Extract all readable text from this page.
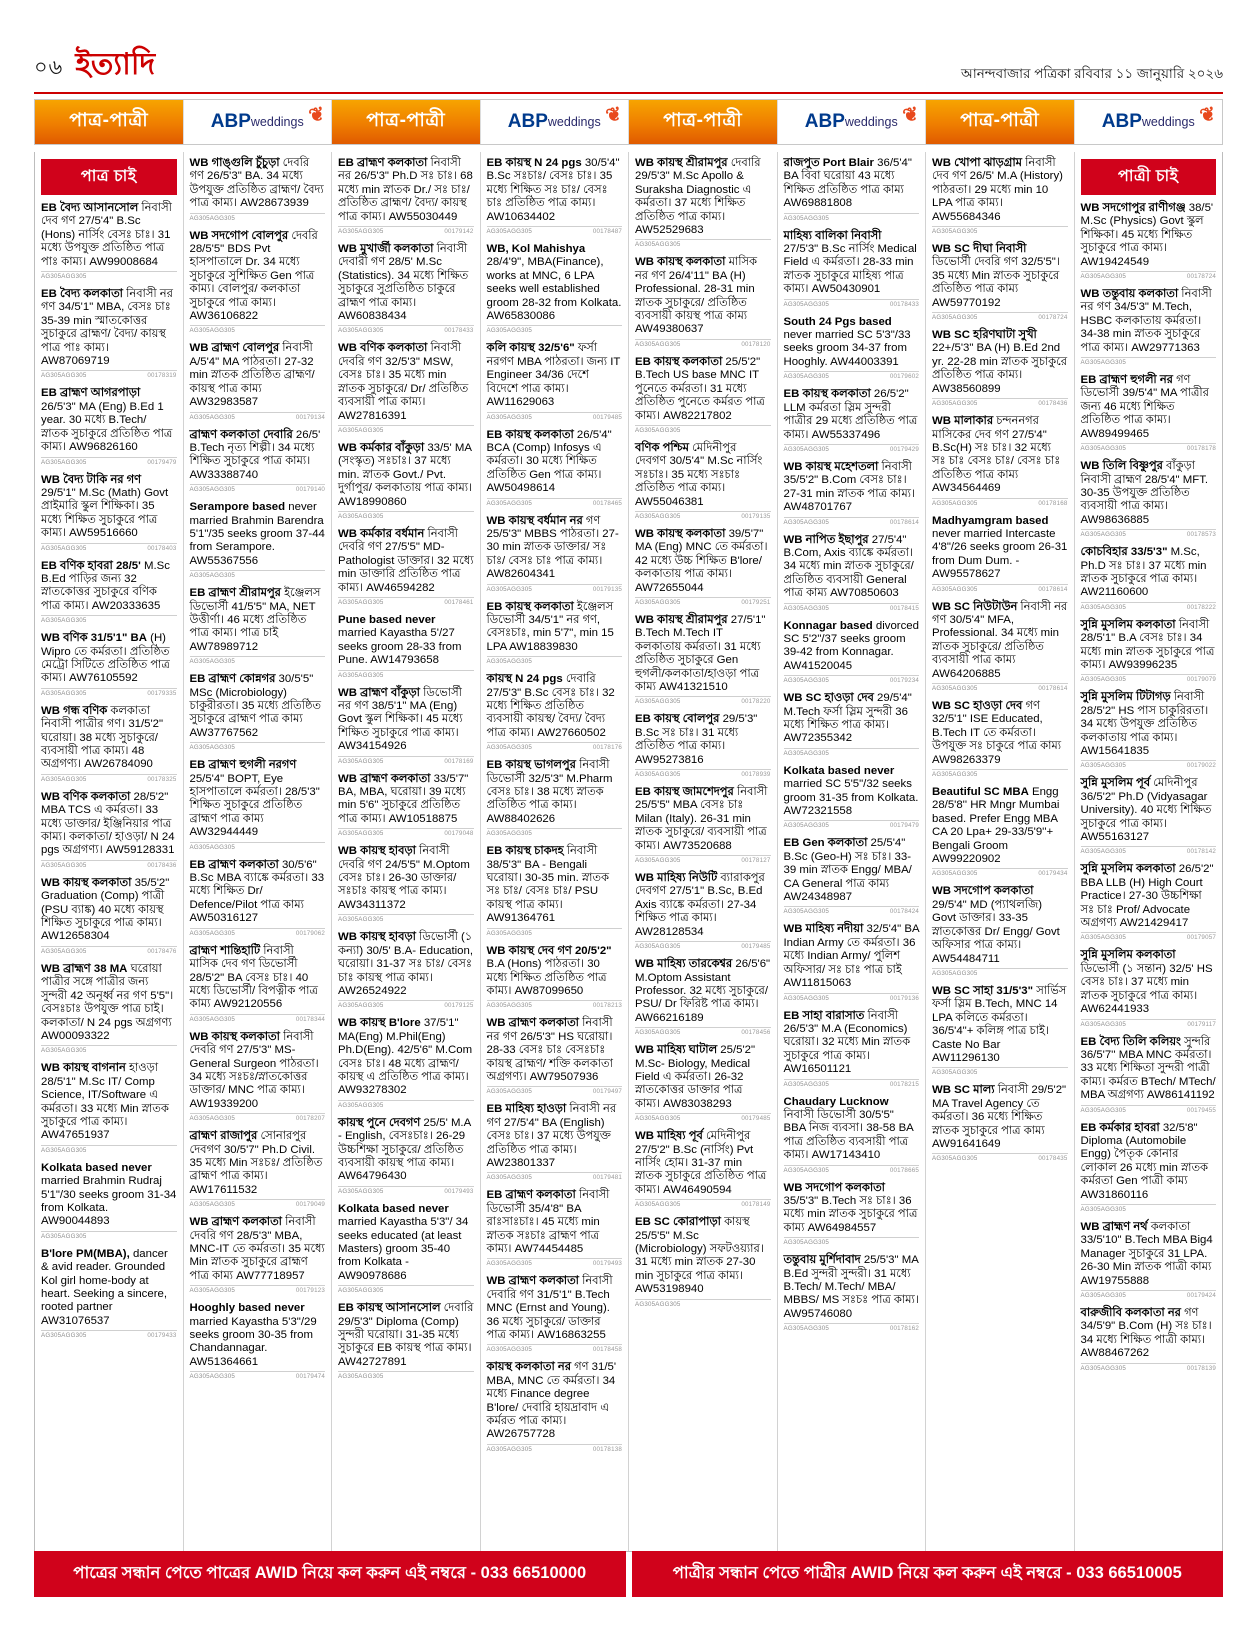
০৬ ইত্যাদি	আনন্দবাজার পত্রিকা রবিবার ১১ জানুয়ারি ২০২৬
পাত্র-পাত্রী	ABP weddings ❦ পাত্র-পাত্রী	ABP weddings ❦ পাত্র-পাত্রী	ABP weddings ❦ পাত্র-পাত্রী	ABP weddings ❦
পাত্র চাই
EB বৈদ্য আসানসোল নিবাসী দেব গণ 27/5'4" B.Sc (Hons) নার্সিং বেসঃ চাঃ। 31 মধ্যে উপযুক্ত প্রতিষ্ঠিত পাত্র পাঃ কাম্য। AW99008684
AG305AGG305
EB বৈদ্য কলকাতা নিবাসী নর গণ 34/5'1" MBA, বেসঃ চাঃ 35-39 min স্মাতকোত্তর সুচাকুরে ব্রাহ্মণ/ বৈদ্য/ কায়স্থ পাত্র পাঃ কাম্য। AW87069719
AG305AGG305	00178319
EB ব্রাহ্মণ আগরপাড়া 26/5'3" MA (Eng) B.Ed 1 year. 30 মধ্যে B.Tech/ স্নাতক সুচাকুরে প্রতিষ্ঠিত পাত্র কাম্য। AW96826160
AG305AGG305	00179479
WB বৈদ্য টাকি নর গণ 29/5'1" M.Sc (Math) Govt প্রাইমারি স্কুল শিক্ষিকা। 35 মধ্যে শিক্ষিত সুচাকুরে পাত্র কাম্য। AW59516660
AG305AGG305	00178403
EB বণিক হাবরা 28/5' M.Sc B.Ed পাড়ির জন্য 32 স্নাতকোত্তর সুচাকুরে বণিক পাত্র কাম্য। AW20333635
AG305AGG305
WB বণিক 31/5'1" BA (H) Wipro তে কর্মরতা। প্রতিষ্ঠিত মেট্রো সিটিতে প্রতিষ্ঠিত পাত্র কাম্য। AW76105592
AG305AGG305	00179335
WB গন্ধ বণিক কলকাতা নিবাসী পাত্রীর গণ। 31/5'2" ঘরোয়া। 38 মধ্যে সুচাকুরে/ ব্যবসায়ী পাত্র কাম্য। 48 অগ্রগণ্য। AW26784090
AG305AGG305	00178325
WB বণিক কলকাতা 28/5'2" MBA TCS এ কর্মরতা। 33 মধ্যে ডাক্তার/ ইঞ্জিনিয়ার পাত্র কাম্য। কলকাতা/ হাওড়া/ N 24 pgs অগ্রগণ্য। AW59128331
AG305AGG305	00178436
WB কায়স্থ কলকাতা 35/5'2" Graduation (Comp) পাত্রী (PSU ব্যাঙ্ক) 40 মধ্যে কায়স্থ শিক্ষিত সুচাকুরে পাত্র কাম্য। AW12658304
AG305AGG305	00178476
WB ব্রাহ্মণ 38 MA ঘরোয়া পাত্রীর সঙ্গে পাত্রীর জন্য সুন্দরী 42 অনূর্ধ্ব নর গণ 5'5"। বেসঃচাঃ উপযুক্ত পাত্র চাই। কলকাতা/ N 24 pgs অগ্রগণ্য AW00093322
AG305AGG305
WB কায়স্থ বাগনান হাওড়া 28/5'1" M.Sc IT/ Comp Science, IT/Software এ কর্মরতা। 33 মধ্যে Min স্নাতক সুচাকুরে পাত্র কাম্য। AW47651937
AG305AGG305
Kolkata based never married Brahmin Rudraj 5'1"/30 seeks groom 31-34 from Kolkata. AW90044893
AG305AGG305
B'lore PM(MBA), dancer & avid reader. Grounded Kol girl home-body at heart. Seeking a sincere, rooted partner AW31076537
AG305AGG305	00179433
WB গাঙ্গুলি চুঁচুড়া দেবরি গণ 26/5'3" BA. 34 মধ্যে উপযুক্ত প্রতিষ্ঠিত ব্রাহ্মণ/ বৈদ্য পাত্র কাম্য। AW28673939
AG305AGG305
WB সদগোপ বোলপুর দেবরি 28/5'5" BDS Pvt হাসপাতালে Dr. 34 মধ্যে সুচাকুরে সুশিক্ষিত Gen পাত্র কাম্য। বোলপুর/ কলকাতা সুচাকুরে পাত্র কাম্য। AW36106822
AG305AGG305
WB ব্রাহ্মণ বোলপুর নিবাসী A/5'4" MA পাঠরতা। 27-32 min স্নাতক প্রতিষ্ঠিত ব্রাহ্মণ/ কায়স্থ পাত্র কাম্য AW32983587
AG305AGG305	00179134
ব্রাহ্মণ কলকাতা দেবারি 26/5' B.Tech নৃত্য শিল্পী। 34 মধ্যে শিক্ষিত সুচাকুরে পাত্র কাম্য। AW33388740
AG305AGG305	00179140
Serampore based never married Brahmin Barendra 5'1"/35 seeks groom 37-44 from Serampore. AW55367556
AG305AGG305
EB ব্রাহ্মণ শ্রীরামপুর ইঞ্জেলস ডিভোর্সী 41/5'5" MA, NET উত্তীর্ণা। 46 মধ্যে প্রতিষ্ঠিত পাত্র কাম্য। পাত্র চাই AW78989712
AG305AGG305
EB ব্রাহ্মণ কোন্নগর 30/5'5" MSc (Microbiology) চাকুরীরতা। 35 মধ্যে প্রতিষ্ঠিত সুচাকুরে ব্রাহ্মণ পাত্র কাম্য AW37767562
AG305AGG305
EB ব্রাহ্মণ হুগলী নরগণ 25/5'4" BOPT, Eye হাসপাতালে কর্মরতা। 28/5'3" শিক্ষিত সুচাকুরে প্রতিষ্ঠিত ব্রাহ্মণ পাত্র কাম্য AW32944449
AG305AGG305
EB ব্রাহ্মণ কলকাতা 30/5'6" B.Sc MBA ব্যাঙ্কে কর্মরতা। 33 মধ্যে শিক্ষিত Dr/ Defence/Pilot পাত্র কাম্য AW50316127
AG305AGG305	00179062
ব্রাহ্মণ শান্তিহাটি নিবাসী মাসিক দেব গণ ডিভোর্সী 28/5'2" BA বেসঃ চাঃ। 40 মধ্যে ডিভোর্সী/ বিপত্নীক পাত্র কাম্য AW92120556
AG305AGG305	00178344
WB কায়স্থ কলকাতা নিবাসী দেবরি গণ 27/5'3" MS- General Surgeon পাঠরতা। 34 মধ্যে সঃচঃ/স্নাতকোত্তর ডাক্তার/ MNC পাত্র কাম্য। AW19339200
AG305AGG305	00178207
ব্রাহ্মণ রাজাপুর সোনারপুর দেবগণ 30/5'7" Ph.D Civil. 35 মধ্যে Min সঃচঃ/ প্রতিষ্ঠিত ব্রাহ্মণ পাত্র কাম্য। AW17611532
AG305AGG305	00179049
WB ব্রাহ্মণ কলকাতা নিবাসী দেবরি গণ 28/5'3" MBA, MNC-IT তে কর্মরতা। 35 মধ্যে Min স্নাতক সুচাকুরে ব্রাহ্মণ পাত্র কাম্য AW77718957
AG305AGG305	00179123
Hooghly based never married Kayastha 5'3"/29 seeks groom 30-35 from Chandannagar. AW51364661
AG305AGG305	00179474
EB ব্রাহ্মণ কলকাতা নিবাসী নর 26/5'3" Ph.D সঃ চাঃ। 68 মধ্যে min স্নাতক Dr./ সঃ চাঃ/ প্রতিষ্ঠিত ব্রাহ্মণ/ বৈদ্য/ কায়স্থ পাত্র কাম্য। AW55030449
AG305AGG305	00179142
WB মুখার্জী কলকাতা নিবাসী দেবারী গণ 28/5' M.Sc (Statistics). 34 মধ্যে শিক্ষিত সুচাকুরে সুপ্রতিষ্ঠিত চাকুরে ব্রাহ্মণ পাত্র কাম্য। AW60838434
AG305AGG305	00178433
WB বণিক কলকাতা নিবাসী দেবরি গণ 32/5'3" MSW, বেসঃ চাঃ। 35 মধ্যে min স্নাতক সুচাকুরে/ Dr/ প্রতিষ্ঠিত ব্যবসায়ী পাত্র কাম্য। AW27816391
AG305AGG305
WB কর্মকার বাঁকুড়া 33/5' MA (সংস্কৃত) সঃচাঃ। 37 মধ্যে min. স্নাতক Govt./ Pvt. দুর্গাপুর/ কলকাতায় পাত্র কাম্য। AW18990860
AG305AGG305
WB কর্মকার বর্ধমান নিবাসী দেবরি গণ 27/5'5" MD- Pathologist ডাক্তার। 32 মধ্যে min ডাক্তারি প্রতিষ্ঠিত পাত্র কাম্য। AW46594282
AG305AGG305	00178461
Pune based never married Kayastha 5'/27 seeks groom 28-33 from Pune. AW14793658
AG305AGG305
WB ব্রাহ্মণ বাঁকুড়া ডিভোর্সী নর গণ 38/5'1" MA (Eng) Govt স্কুল শিক্ষিকা। 45 মধ্যে শিক্ষিত সুচাকুরে পাত্র কাম্য। AW34154926
AG305AGG305	00178169
WB ব্রাহ্মণ কলকাতা 33/5'7" BA, MBA, ঘরোয়া। 39 মধ্যে min 5'6" সুচাকুরে প্রতিষ্ঠিত পাত্র কাম্য। AW10518875
AG305AGG305	00179048
WB কায়স্থ হাবড়া নিবাসী দেবরি গণ 24/5'5" M.Optom বেসঃ চাঃ। 26-30 ডাক্তার/ সঃচাঃ কায়স্থ পাত্র কাম্য। AW34311372
AG305AGG305
WB কায়স্থ হাবড়া ডিভোর্সী (১ কন্যা) 30/5' B.A- Education, ঘরোয়া। 31-37 সঃ চাঃ/ বেসঃ চাঃ কায়স্থ পাত্র কাম্য। AW26524922
AG305AGG305	00179125
WB কায়স্থ B'lore 37/5'1" MA(Eng) M.Phil(Eng) Ph.D(Eng). 42/5'6" M.Com বেসঃ চাঃ। 48 মধ্যে ব্রাহ্মণ/ কায়স্থ এ প্রতিষ্ঠিত পাত্র কাম্য। AW93278302
AG305AGG305
কায়স্থ পুনে দেবগণ 25/5' M.A - English, বেসঃচাঃ। 26-29 উচ্চশিক্ষা সুচাকুরে/ প্রতিষ্ঠিত ব্যবসায়ী কায়স্থ পাত্র কাম্য। AW64796430
AG305AGG305	00179493
Kolkata based never married Kayastha 5'3"/ 34 seeks educated (at least Masters) groom 35-40 from Kolkata - AW90978686
AG305AGG305
EB কায়স্থ আসানসোল দেবারি 29/5'3" Diploma (Comp) সুন্দরী ঘরোয়া। 31-35 মধ্যে সুচাকুরে EB কায়স্থ পাত্র কাম্য। AW42727891
AG305AGG305
EB কায়স্থ N 24 pgs 30/5'4" B.Sc সঃচাঃ/ বেসঃ চাঃ। 35 মধ্যে শিক্ষিত সঃ চাঃ/ বেসঃ চাঃ প্রতিষ্ঠিত পাত্র কাম্য। AW10634402
AG305AGG305	00178487
WB, Kol Mahishya 28/4'9", MBA(Finance), works at MNC, 6 LPA seeks well established groom 28-32 from Kolkata. AW65830086
AG305AGG305
কলি কায়স্থ 32/5'6" ফর্সা নরগণ MBA পাঠরতা। জন্য IT Engineer 34/36 দেশে বিদেশে পাত্র কাম্য। AW11629063
AG305AGG305	00179485
EB কায়স্থ কলকাতা 26/5'4" BCA (Comp) Infosys এ কর্মরতা। 30 মধ্যে শিক্ষিত প্রতিষ্ঠিত Gen পাত্র কাম্য। AW50498614
AG305AGG305	00178465
WB কায়স্থ বর্ধমান নর গণ 25/5'3" MBBS পাঠরতা। 27-30 min স্নাতক ডাক্তার/ সঃ চাঃ/ বেসঃ চাঃ পাত্র কাম্য। AW82604341
AG305AGG305	00179135
EB কায়স্থ কলকাতা ইঞ্জেলস ডিভোর্সী 34/5'1" নর গণ, বেসঃচাঃ, min 5'7", min 15 LPA AW18839830
AG305AGG305
কায়স্থ N 24 pgs দেবারি 27/5'3" B.Sc বেসঃ চাঃ। 32 মধ্যে শিক্ষিত প্রতিষ্ঠিত ব্যবসায়ী কায়স্থ/ বৈদ্য/ বৈদ্য পাত্র কাম্য। AW27660502
AG305AGG305	00178176
EB কায়স্থ ভাগলপুর নিবাসী ডিভোর্সী 32/5'3" M.Pharm বেসঃ চাঃ। 38 মধ্যে স্নাতক প্রতিষ্ঠিত পাত্র কাম্য। AW88402626
AG305AGG305
EB কায়স্থ চাকদহ নিবাসী 38/5'3" BA - Bengali ঘরোয়া। 30-35 min. স্নাতক সঃ চাঃ/ বেসঃ চাঃ/ PSU কায়স্থ পাত্র কাম্য। AW91364761
AG305AGG305
WB কায়স্থ দেব গণ 20/5'2" B.A (Hons) পাঠরতা। 30 মধ্যে শিক্ষিত প্রতিষ্ঠিত পাত্র কাম্য। AW87099650
AG305AGG305	00178213
WB ব্রাহ্মণ কলকাতা নিবাসী নর গণ 26/5'3" HS ঘরোয়া। 28-33 বেসঃ চাঃ বেসঃচাঃ কায়স্থ ব্রাহ্মণ/ শক্তি কলকাতা অগ্রগণ্য। AW79507936
AG305AGG305	00179497
EB মাহিষ্য হাওড়া নিবাসী নর গণ 27/5'4" BA (English) বেসঃ চাঃ। 37 মধ্যে উপযুক্ত প্রতিষ্ঠিত পাত্র কাম্য। AW23801337
AG305AGG305	00179481
EB ব্রাহ্মণ কলকাতা নিবাসী ডিভোর্সী 35/4'8" BA রাঃসাঃচাঃ। 45 মধ্যে min স্নাতক সঃচাঃ ব্রাহ্মণ পাত্র কাম্য। AW74454485
AG305AGG305	00179493
WB ব্রাহ্মণ কলকাতা নিবাসী দেবারি গণ 31/5'1" B.Tech MNC (Ernst and Young). 36 মধ্যে সুচাকুরে/ ডাক্তার পাত্র কাম্য। AW16863255
AG305AGG305	00178458
কায়স্থ কলকাতা নর গণ 31/5' MBA, MNC তে কর্মরতা। 34 মধ্যে Finance degree B'lore/ দেবারি হায়দ্রাবাদ এ কর্মরত পাত্র কাম্য। AW26757728
AG305AGG305	00178138
WB কায়স্থ শ্রীরামপুর দেবারি 29/5'3" M.Sc Apollo & Suraksha Diagnostic এ কর্মরতা। 37 মধ্যে শিক্ষিত প্রতিষ্ঠিত পাত্র কাম্য। AW52529683
AG305AGG305
WB কায়স্থ কলকাতা মাসিক নর গণ 26/4'11" BA (H) Professional. 28-31 min স্নাতক সুচাকুরে/ প্রতিষ্ঠিত ব্যবসায়ী কায়স্থ পাত্র কাম্য AW49380637
AG305AGG305	00178120
EB কায়স্থ কলকাতা 25/5'2" B.Tech US base MNC IT পুনেতে কর্মরতা। 31 মধ্যে প্রতিষ্ঠিত পুনেতে কর্মরত পাত্র কাম্য। AW82217802
AG305AGG305
বণিক পশ্চিম মেদিনীপুর দেবগণ 30/5'4" M.Sc নার্সিং সঃচাঃ। 35 মধ্যে সঃচাঃ প্রতিষ্ঠিত পাত্র কাম্য। AW55046381
AG305AGG305	00179135
WB কায়স্থ কলকাতা 39/5'7" MA (Eng) MNC তে কর্মরতা। 42 মধ্যে উচ্চ শিক্ষিত B'lore/ কলকাতায় পাত্র কাম্য। AW72655044
AG305AGG305	00179251
WB কায়স্থ শ্রীরামপুর 27/5'1" B.Tech M.Tech IT কলকাতায় কর্মরতা। 31 মধ্যে প্রতিষ্ঠিত সুচাকুরে Gen হুগলী/কলকাতা/হাওড়া পাত্র কাম্য AW41321510
AG305AGG305	00178220
EB কায়স্থ বোলপুর 29/5'3" B.Sc সঃ চাঃ। 31 মধ্যে প্রতিষ্ঠিত পাত্র কাম্য। AW95273816
AG305AGG305	00178939
EB কায়স্থ জামশেদপুর নিবাসী 25/5'5" MBA বেসঃ চাঃ Milan (Italy). 26-31 min স্নাতক সুচাকুরে/ ব্যবসায়ী পাত্র কাম্য। AW73520688
AG305AGG305	00178127
WB মাহিষ্য নিউটি ব্যারাকপুর দেবগণ 27/5'1" B.Sc, B.Ed Axis ব্যাঙ্কে কর্মরতা। 27-34 শিক্ষিত পাত্র কাম্য। AW28128534
AG305AGG305	00179485
WB মাহিষ্য তারকেশ্বর 26/5'6" M.Optom Assistant Professor. 32 মধ্যে সুচাকুরে/ PSU/ Dr ফিরিষ্ট পাত্র কাম্য। AW66216189
AG305AGG305	00178456
WB মাহিষ্য ঘাটাল 25/5'2" M.Sc- Biology, Medical Field এ কর্মরতা। 26-32 স্নাতকোত্তর ডাক্তার পাত্র কাম্য। AW83038293
AG305AGG305	00179485
WB মাহিষ্য পূর্ব মেদিনীপুর 27/5'2" B.Sc (নার্সিং) Pvt নার্সিং হোম। 31-37 min স্নাতক সুচাকুরে প্রতিষ্ঠিত পাত্র কাম্য। AW46490594
AG305AGG305	00178149
EB SC কোরাপাড়া কায়স্থ 25/5'5" M.Sc (Microbiology) সফটওয়্যার। 31 মধ্যে min স্নাতক 27-30 min সুচাকুরে পাত্র কাম্য। AW53198940
AG305AGG305
রাজপুত Port Blair 36/5'4" BA বিবা ঘরোয়া 43 মধ্যে শিক্ষিত প্রতিষ্ঠিত পাত্র কাম্য AW69881808
AG305AGG305
মাহিষ্য বালিকা নিবাসী 27/5'3" B.Sc নার্সিং Medical Field এ কর্মরতা। 28-33 min স্নাতক সুচাকুরে মাহিষ্য পাত্র কাম্য। AW50430901
AG305AGG305	00178433
South 24 Pgs based never married SC 5'3"/33 seeks groom 34-37 from Hooghly. AW44003391
AG305AGG305	00179602
EB কায়স্থ কলকাতা 26/5'2" LLM কর্মরতা স্লিম সুন্দরী পাত্রীর 29 মধ্যে প্রতিষ্ঠিত পাত্র কাম্য। AW55337496
AG305AGG305	00179429
WB কায়স্থ মহেশতলা নিবাসী 35/5'2" B.Com বেসঃ চাঃ। 27-31 min স্নাতক পাত্র কাম্য। AW48701767
AG305AGG305	00178614
WB নাপিত ইছাপুর 27/5'4" B.Com, Axis ব্যাঙ্কে কর্মরতা। 34 মধ্যে min স্নাতক সুচাকুরে/ প্রতিষ্ঠিত ব্যবসায়ী General পাত্র কাম্য AW70850603
AG305AGG305	00178415
Konnagar based divorced SC 5'2"/37 seeks groom 39-42 from Konnagar. AW41520045
AG305AGG305	00179234
WB SC হাওড়া দেব 29/5'4" M.Tech ফর্সা স্লিম সুন্দরী 36 মধ্যে শিক্ষিত পাত্র কাম্য। AW72355342
AG305AGG305
Kolkata based never married SC 5'5"/32 seeks groom 31-35 from Kolkata. AW72321558
AG305AGG305	00179479
EB Gen কলকাতা 25/5'4" B.Sc (Geo-H) সঃ চাঃ। 33-39 min স্নাতক Engg/ MBA/ CA General পাত্র কাম্য AW24348987
AG305AGG305	00178424
WB মাহিষ্য নদীয়া 32/5'4" BA Indian Army তে কর্মরতা। 36 মধ্যে Indian Army/ পুলিশ অফিসার/ সঃ চাঃ পাত্র চাই AW11815063
AG305AGG305	00179136
EB সাহা বারাসাত নিবাসী 26/5'3" M.A (Economics) ঘরোয়া। 32 মধ্যে Min স্নাতক সুচাকুরে পাত্র কাম্য। AW16501121
AG305AGG305	00178215
Chaudary Lucknow নিবাসী ডিভোর্সী 30/5'5" BBA নিজ ব্যবসা। 38-58 BA পাত্র প্রতিষ্ঠিত ব্যবসায়ী পাত্র কাম্য। AW17143410
AG305AGG305	00178665
WB সদগোপ কলকাতা 35/5'3" B.Tech সঃ চাঃ। 36 মধ্যে min স্নাতক সুচাকুরে পাত্র কাম্য AW64984557
AG305AGG305
তন্তুবায় মুর্শিদাবাদ 25/5'3" MA B.Ed সুন্দরী সুন্দরী। 31 মধ্যে B.Tech/ M.Tech/ MBA/ MBBS/ MS সঃচঃ পাত্র কাম্য। AW95746080
AG305AGG305	00178162
WB খোপা ঝাড়গ্রাম নিবাসী দেব গণ 26/5' M.A (History) পাঠরতা। 29 মধ্যে min 10 LPA পাত্র কাম্য। AW55684346
AG305AGG305
WB SC দীঘা নিবাসী ডিভোর্সী দেবরি গণ 32/5'5"। 35 মধ্যে Min স্নাতক সুচাকুরে প্রতিষ্ঠিত পাত্র কাম্য AW59770192
AG305AGG305	00178724
WB SC হরিণঘাটা সুখী 22+/5'3" BA (H) B.Ed 2nd yr. 22-28 min স্নাতক সুচাকুরে প্রতিষ্ঠিত পাত্র কাম্য। AW38560899
AG305AGG305	00178436
WB মালাকার চন্দননগর মাসিকের দেব গণ 27/5'4" B.Sc(H) সঃ চাঃ। 32 মধ্যে সঃ চাঃ বেসঃ চাঃ/ বেসঃ চাঃ প্রতিষ্ঠিত পাত্র কাম্য AW34564469
AG305AGG305	00178168
Madhyamgram based never married Intercaste 4'8"/26 seeks groom 26-31 from Dum Dum. - AW95578627
AG305AGG305	00178614
WB SC নিউটাউন নিবাসী নর গণ 30/5'4" MFA, Professional. 34 মধ্যে min স্নাতক সুচাকুরে/ প্রতিষ্ঠিত ব্যবসায়ী পাত্র কাম্য AW64206885
AG305AGG305	00178614
WB SC হাওড়া দেব গণ 32/5'1" ISE Educated, B.Tech IT তে কর্মরতা। উপযুক্ত সঃ চাকুরে পাত্র কাম্য AW98263379
AG305AGG305
Beautiful SC MBA Engg 28/5'8'' HR Mngr Mumbai based. Prefer Engg MBA CA 20 Lpa+ 29-33/5'9''+ Bengali Groom AW99220902
AG305AGG305	00179434
WB সদগোপ কলকাতা 29/5'4" MD (প্যাথলজি) Govt ডাক্তার। 33-35 স্নাতকোত্তর Dr/ Engg/ Govt অফিসার পাত্র কাম্য। AW54484711
AG305AGG305
WB SC সাহা 31/5'3" সার্ভিস ফর্সা স্লিম B.Tech, MNC 14 LPA কলিতে কর্মরতা। 36/5'4"+ কলিঙ্গ পাত্র চাই। Caste No Bar AW11296130
AG305AGG305
WB SC মাল্য নিবাসী 29/5'2" MA Travel Agency তে কর্মরতা। 36 মধ্যে শিক্ষিত স্নাতক সুচাকুরে পাত্র কাম্য AW91641649
AG305AGG305	00178435
পাত্রী চাই
WB সদগোপুর রাণীগঞ্জ 38/5' M.Sc (Physics) Govt স্কুল শিক্ষিকা। 45 মধ্যে শিক্ষিত সুচাকুরে পাত্র কাম্য। AW19424549
AG305AGG305	00178724
WB তন্তুবায় কলকাতা নিবাসী নর গণ 34/5'3" M.Tech, HSBC কলকাতায় কর্মরতা। 34-38 min স্নাতক সুচাকুরে পাত্র কাম্য। AW29771363
AG305AGG305
EB ব্রাহ্মণ হুগলী নর গণ ডিভোর্সী 39/5'4" MA পাত্রীর জন্য 46 মধ্যে শিক্ষিত প্রতিষ্ঠিত পাত্র কাম্য। AW89499465
AG305AGG305	00178178
WB তিলি বিষ্ণুপুর বাঁকুড়া নিবাসী ব্রাহ্মণ 28/5'4" MFT. 30-35 উপযুক্ত প্রতিষ্ঠিত ব্যবসায়ী পাত্র কাম্য। AW98636885
AG305AGG305	00178573
কোচবিহার 33/5'3" M.Sc, Ph.D সঃ চাঃ। 37 মধ্যে min স্নাতক সুচাকুরে পাত্র কাম্য। AW21160600
AG305AGG305	00178222
সুন্নি মুসলিম কলকাতা নিবাসী 28/5'1" B.A বেসঃ চাঃ। 34 মধ্যে min স্নাতক সুচাকুরে পাত্র কাম্য। AW93996235
AG305AGG305	00179079
সুন্নি মুসলিম টিটাগড় নিবাসী 28/5'2" HS পাস চাকুরিরতা। 34 মধ্যে উপযুক্ত প্রতিষ্ঠিত কলকাতায় পাত্র কাম্য। AW15641835
AG305AGG305	00179022
সুন্নি মুসলিম পূর্ব মেদিনীপুর 36/5'2" Ph.D (Vidyasagar University). 40 মধ্যে শিক্ষিত সুচাকুরে পাত্র কাম্য। AW55163127
AG305AGG305	00178142
সুন্নি মুসলিম কলকাতা 26/5'2" BBA LLB (H) High Court Practice। 27-30 উচ্চশিক্ষা সঃ চাঃ Prof/ Advocate অগ্রগণ্য AW21429417
AG305AGG305	00179057
সুন্নি মুসলিম কলকাতা ডিভোর্সী (১ সন্তান) 32/5' HS বেসঃ চাঃ। 37 মধ্যে min স্নাতক সুচাকুরে পাত্র কাম্য। AW62441933
AG305AGG305	00179117
EB বৈদ্য তিলি কলিয়ং সুন্দরি 36/5'7'' MBA MNC কর্মরতা। 33 মধ্যে শিক্ষিতা সুন্দরী পাত্রী কাম্য। কর্মরত BTech/ MTech/ MBA অগ্রগণ্য AW86141192
AG305AGG305	00179455
EB কর্মকার হাবরা 32/5'8" Diploma (Automobile Engg) পৈতৃক কোনার লোকাল 26 মধ্যে min স্নাতক কর্মরতা Gen পাত্রী কাম্য AW31860116
AG305AGG305
WB ব্রাহ্মণ নর্থ কলকাতা 33/5'10" B.Tech MBA Big4 Manager সুচাকুরে 31 LPA. 26-30 Min স্নাতক পাত্রী কাম্য AW19755888
AG305AGG305	00179424
বারুজীবি কলকাতা নর গণ 34/5'9" B.Com (H) সঃ চাঃ। 34 মধ্যে শিক্ষিত পাত্রী কাম্য। AW88467262
AG305AGG305	00178139
পাত্রের সন্ধান পেতে পাত্রের AWID নিয়ে কল করুন এই নম্বরে - 033 66510000	পাত্রীর সন্ধান পেতে পাত্রীর AWID নিয়ে কল করুন এই নম্বরে - 033 66510005
